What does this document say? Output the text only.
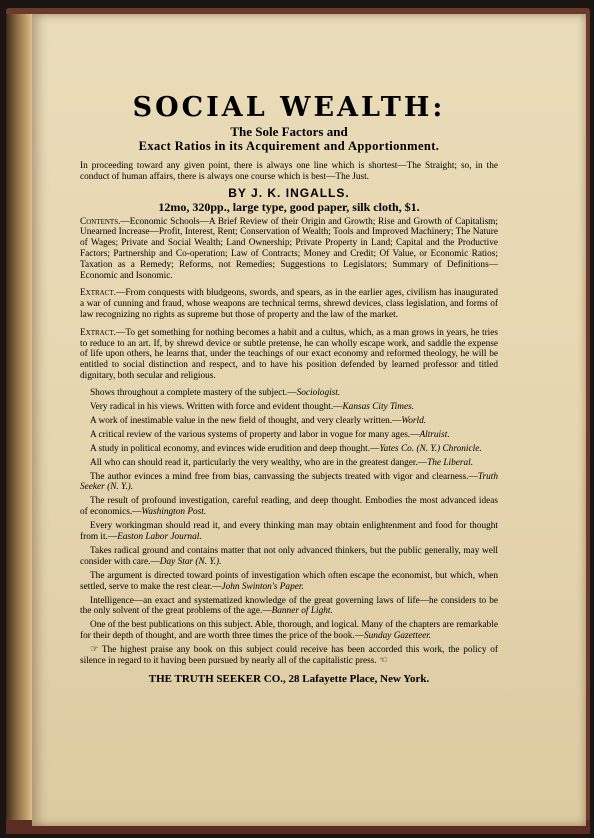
SOCIAL WEALTH:
The Sole Factors and
Exact Ratios in its Acquirement and Apportionment.

In proceeding toward any given point, there is always one line which is shortest—The Straight; so, in the conduct of human affairs, there is always one course which is best—The Just.

BY J. K. INGALLS.
12mo, 320pp., large type, good paper, silk cloth, $1.

Contents.—Economic Schools—A Brief Review of their Origin and Growth; Rise and Growth of Capitalism; Unearned Increase—Profit, Interest, Rent; Conservation of Wealth; Tools and Improved Machinery; The Nature of Wages; Private and Social Wealth; Land Ownership; Private Property in Land; Capital and the Productive Factors; Partnership and Co-operation; Law of Contracts; Money and Credit; Of Value, or Economic Ratios; Taxation as a Remedy; Reforms, not Remedies; Suggestions to Legislators; Summary of Definitions—Economic and Isonomic.

Extract.—From conquests with bludgeons, swords, and spears, as in the earlier ages, civilism has inaugurated a war of cunning and fraud, whose weapons are technical terms, shrewd devices, class legislation, and forms of law recognizing no rights as supreme but those of property and the law of the market.

Extract.—To get something for nothing becomes a habit and a cultus, which, as a man grows in years, he tries to reduce to an art. If, by shrewd device or subtle pretense, he can wholly escape work, and saddle the expense of life upon others, he learns that, under the teachings of our exact economy and reformed theology, he will be entitled to social distinction and respect, and to have his position defended by learned professor and titled dignitary, both secular and religious.

Shows throughout a complete mastery of the subject.—Sociologist.

Very radical in his views. Written with force and evident thought.—Kansas City Times.

A work of inestimable value in the new field of thought, and very clearly written.—World.

A critical review of the various systems of property and labor in vogue for many ages.—Altruist.

A study in political economy, and evinces wide erudition and deep thought.—Yates Co. (N. Y.) Chronicle.

All who can should read it, particularly the very wealthy, who are in the greatest danger.—The Liberal.

The author evinces a mind free from bias, canvassing the subjects treated with vigor and clearness.—Truth Seeker (N. Y.).

The result of profound investigation, careful reading, and deep thought. Embodies the most advanced ideas of economics.—Washington Post.

Every workingman should read it, and every thinking man may obtain enlightenment and food for thought from it.—Easton Labor Journal.

Takes radical ground and contains matter that not only advanced thinkers, but the public generally, may well consider with care.—Day Star (N. Y.).

The argument is directed toward points of investigation which often escape the economist, but which, when settled, serve to make the rest clear.—John Swinton's Paper.

Intelligence—an exact and systematized knowledge of the great governing laws of life—he considers to be the only solvent of the great problems of the age.—Banner of Light.

One of the best publications on this subject. Able, thorough, and logical. Many of the chapters are remarkable for their depth of thought, and are worth three times the price of the book.—Sunday Gazetteer.

☞ The highest praise any book on this subject could receive has been accorded this work, the policy of silence in regard to it having been pursued by nearly all of the capitalistic press. ☜

THE TRUTH SEEKER CO., 28 Lafayette Place, New York.
